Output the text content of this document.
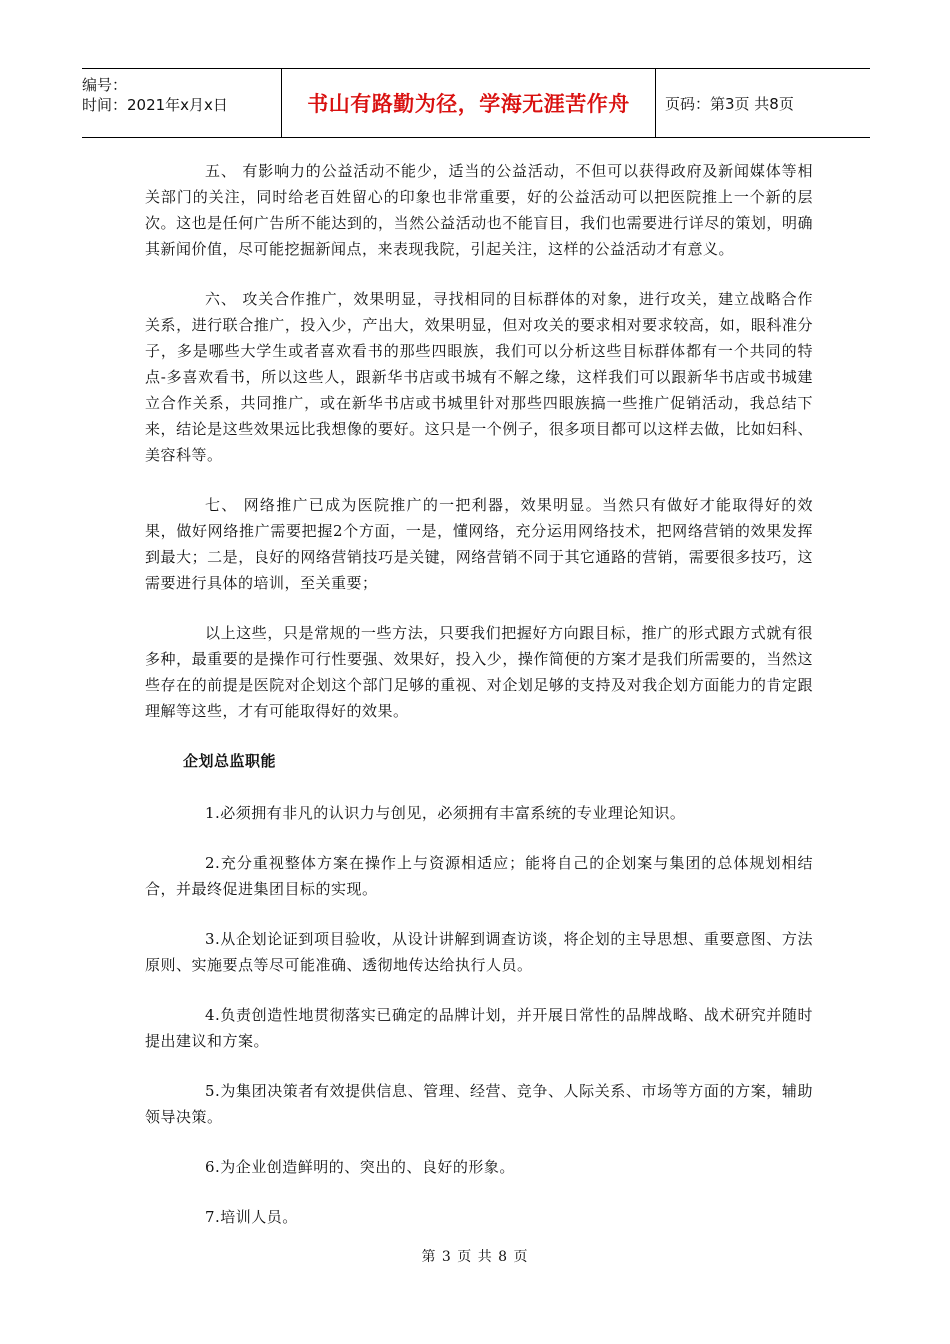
编号：
时间：2021年x月x日	书山有路勤为径，学海无涯苦作舟	页码：第3页 共8页

五、 有影响力的公益活动不能少，适当的公益活动，不但可以获得政府及新闻媒体等相关部门的关注，同时给老百姓留心的印象也非常重要，好的公益活动可以把医院推上一个新的层次。这也是任何广告所不能达到的，当然公益活动也不能盲目，我们也需要进行详尽的策划，明确其新闻价值，尽可能挖掘新闻点，来表现我院，引起关注，这样的公益活动才有意义。

六、 攻关合作推广，效果明显，寻找相同的目标群体的对象，进行攻关，建立战略合作关系，进行联合推广，投入少，产出大，效果明显，但对攻关的要求相对要求较高，如，眼科准分子，多是哪些大学生或者喜欢看书的那些四眼族，我们可以分析这些目标群体都有一个共同的特点-多喜欢看书，所以这些人，跟新华书店或书城有不解之缘，这样我们可以跟新华书店或书城建立合作关系，共同推广，或在新华书店或书城里针对那些四眼族搞一些推广促销活动，我总结下来，结论是这些效果远比我想像的要好。这只是一个例子，很多项目都可以这样去做，比如妇科、美容科等。

七、 网络推广已成为医院推广的一把利器，效果明显。当然只有做好才能取得好的效果，做好网络推广需要把握2个方面，一是，懂网络，充分运用网络技术，把网络营销的效果发挥到最大；二是，良好的网络营销技巧是关键，网络营销不同于其它通路的营销，需要很多技巧，这需要进行具体的培训，至关重要；

以上这些，只是常规的一些方法，只要我们把握好方向跟目标，推广的形式跟方式就有很多种，最重要的是操作可行性要强、效果好，投入少，操作简便的方案才是我们所需要的，当然这些存在的前提是医院对企划这个部门足够的重视、对企划足够的支持及对我企划方面能力的肯定跟理解等这些，才有可能取得好的效果。

企划总监职能

1.必须拥有非凡的认识力与创见，必须拥有丰富系统的专业理论知识。

2.充分重视整体方案在操作上与资源相适应；能将自己的企划案与集团的总体规划相结合，并最终促进集团目标的实现。

3.从企划论证到项目验收，从设计讲解到调查访谈，将企划的主导思想、重要意图、方法原则、实施要点等尽可能准确、透彻地传达给执行人员。

4.负责创造性地贯彻落实已确定的品牌计划，并开展日常性的品牌战略、战术研究并随时提出建议和方案。

5.为集团决策者有效提供信息、管理、经营、竞争、人际关系、市场等方面的方案，辅助领导决策。

6.为企业创造鲜明的、突出的、良好的形象。

7.培训人员。

第 3 页 共 8 页
